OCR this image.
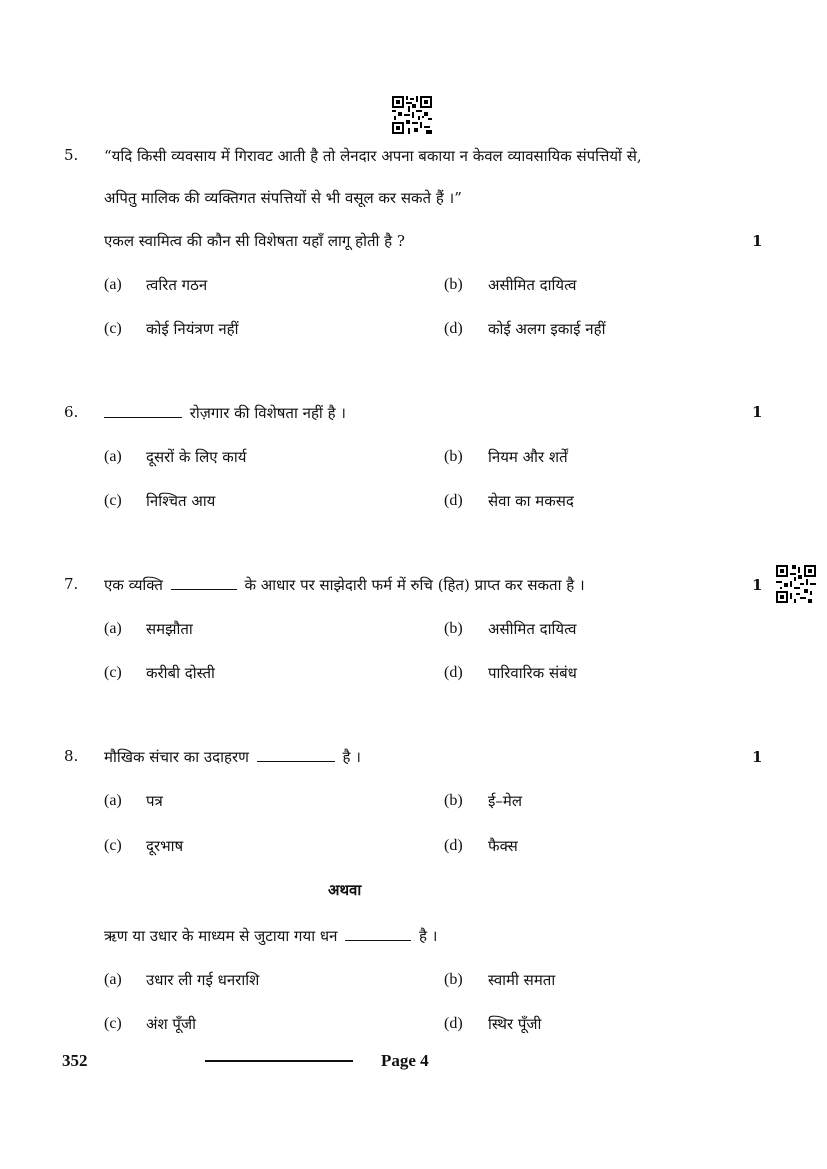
5. “यदि किसी व्यवसाय में गिरावट आती है तो लेनदार अपना बकाया न केवल व्यावसायिक संपत्तियों से,
अपितु मालिक की व्यक्तिगत संपत्तियों से भी वसूल कर सकते हैं ।”
एकल स्वामित्व की कौन सी विशेषता यहाँ लागू होती है ?	1
(a) त्वरित गठन	(b) असीमित दायित्व
(c) कोई नियंत्रण नहीं	(d) कोई अलग इकाई नहीं
6.	रोज़गार की विशेषता नहीं है ।	1
(a) दूसरों के लिए कार्य	(b) नियम और शर्तें
(c) निश्चित आय	(d) सेवा का मकसद
7. एक व्यक्ति	के आधार पर साझेदारी फर्म में रुचि (हित) प्राप्त कर सकता है ।	1
(a) समझौता	(b) असीमित दायित्व
(c) करीबी दोस्ती	(d) पारिवारिक संबंध
8. मौखिक संचार का उदाहरण	है ।	1
(a) पत्र	(b) ई–मेल
(c) दूरभाष	(d) फैक्स
अथवा
ऋण या उधार के माध्यम से जुटाया गया धन	है ।
(a) उधार ली गई धनराशि	(b) स्वामी समता
(c) अंश पूँजी	(d) स्थिर पूँजी
352	Page 4
